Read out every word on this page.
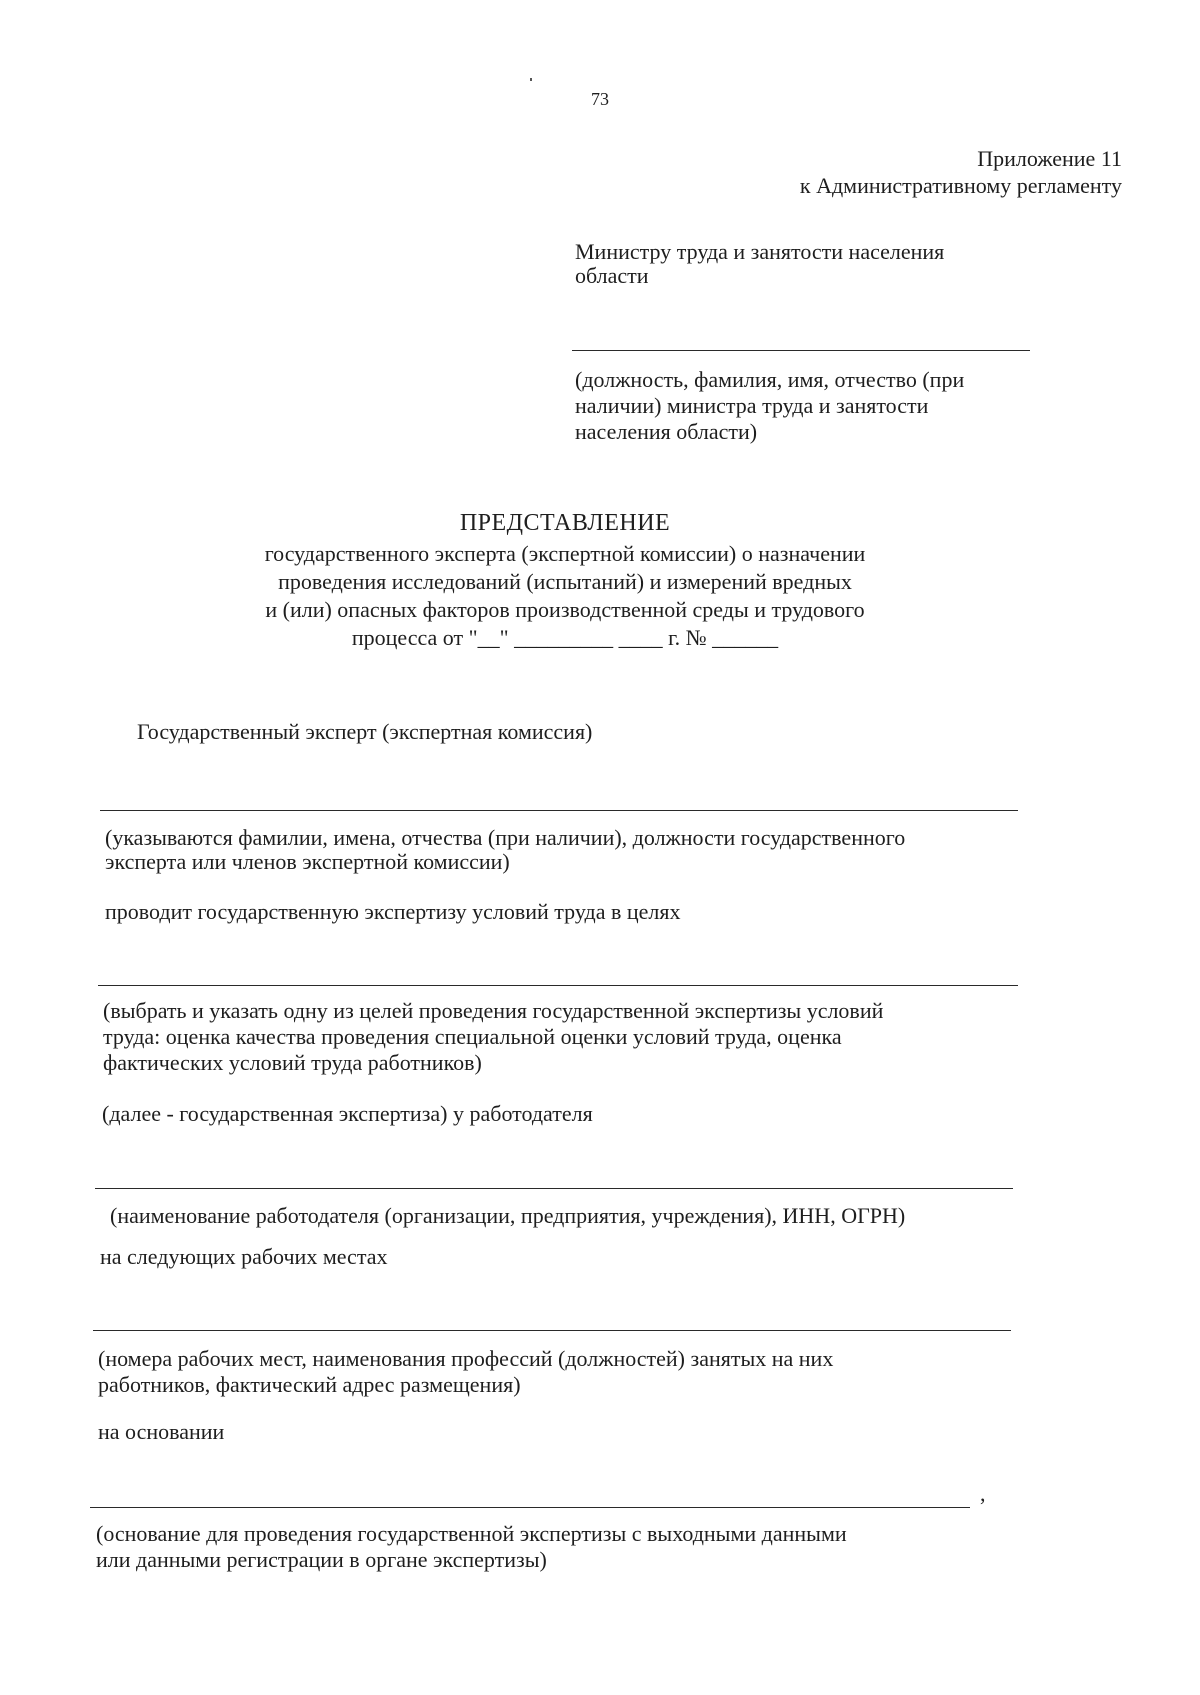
73
Приложение 11
к Административному регламенту
Министру труда и занятости населения
области
(должность, фамилия, имя, отчество (при
наличии) министра труда и занятости
населения области)
ПРЕДСТАВЛЕНИЕ
государственного эксперта (экспертной комиссии) о назначении
проведения исследований (испытаний) и измерений вредных
и (или) опасных факторов производственной среды и трудового
процесса от "__" _________ ____ г. № ______
Государственный эксперт (экспертная комиссия)
(указываются фамилии, имена, отчества (при наличии), должности государственного
эксперта или членов экспертной комиссии)
проводит государственную экспертизу условий труда в целях
(выбрать и указать одну из целей проведения государственной экспертизы условий
труда: оценка качества проведения специальной оценки условий труда, оценка
фактических условий труда работников)
(далее - государственная экспертиза) у работодателя
(наименование работодателя (организации, предприятия, учреждения), ИНН, ОГРН)
на следующих рабочих местах
(номера рабочих мест, наименования профессий (должностей) занятых на них
работников, фактический адрес размещения)
на основании
,
(основание для проведения государственной экспертизы с выходными данными
или данными регистрации в органе экспертизы)
